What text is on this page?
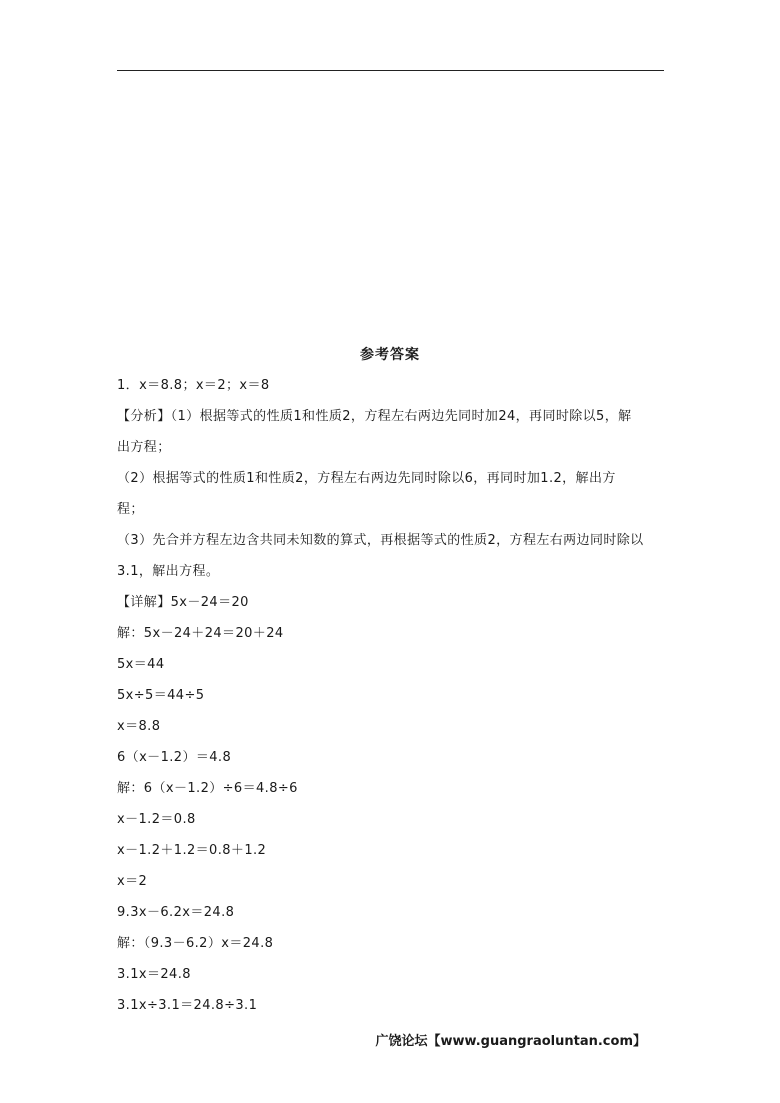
参考答案
1．x＝8.8；x＝2；x＝8
【分析】（1）根据等式的性质1和性质2，方程左右两边先同时加24，再同时除以5，解
出方程；
（2）根据等式的性质1和性质2，方程左右两边先同时除以6，再同时加1.2，解出方
程；
（3）先合并方程左边含共同未知数的算式，再根据等式的性质2，方程左右两边同时除以
3.1，解出方程。
【详解】5x－24＝20
解：5x－24＋24＝20＋24
5x＝44
5x÷5＝44÷5
x＝8.8
6（x－1.2）＝4.8
解：6（x－1.2）÷6＝4.8÷6
x－1.2＝0.8
x－1.2＋1.2＝0.8＋1.2
x＝2
9.3x－6.2x＝24.8
解：（9.3－6.2）x＝24.8
3.1x＝24.8
3.1x÷3.1＝24.8÷3.1
广饶论坛【www.guangraoluntan.com】
